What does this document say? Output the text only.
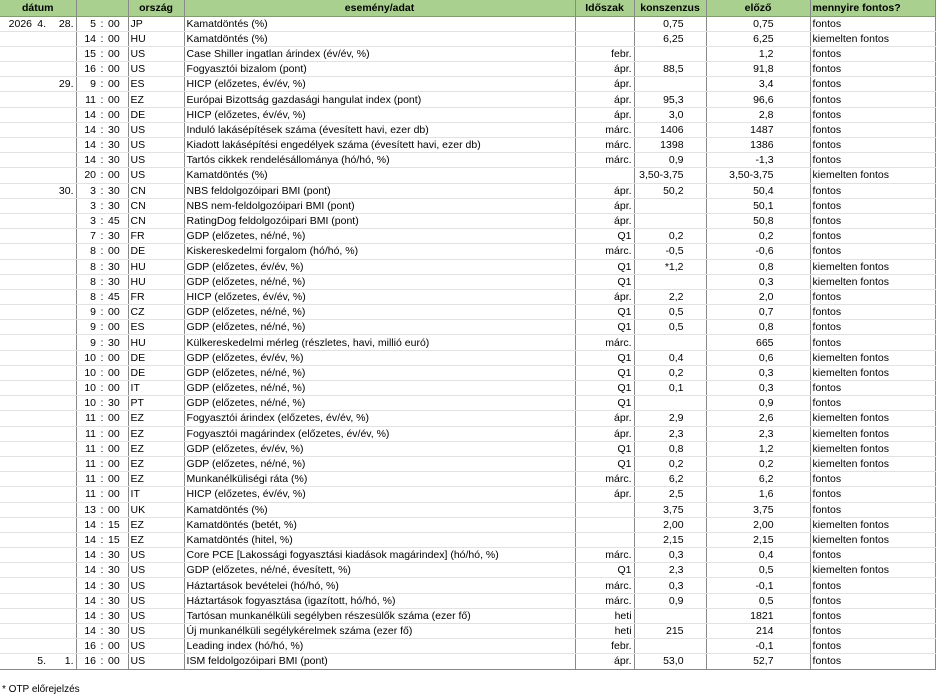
dátum						ország	esemény/adat	Időszak	konszenzus	előző	mennyire fontos?
2026	4.	28.	5	:	00	JP	Kamatdöntés (%)		0,75	0,75	fontos
			14	:	00	HU	Kamatdöntés (%)		6,25	6,25	kiemelten fontos
			15	:	00	US	Case Shiller ingatlan árindex (év/év, %)	febr.		1,2	fontos
			16	:	00	US	Fogyasztói bizalom (pont)	ápr.	88,5	91,8	fontos
		29.	9	:	00	ES	HICP (előzetes, év/év, %)	ápr.		3,4	fontos
			11	:	00	EZ	Európai Bizottság gazdasági hangulat index (pont)	ápr.	95,3	96,6	fontos
			14	:	00	DE	HICP (előzetes, év/év, %)	ápr.	3,0	2,8	fontos
			14	:	30	US	Induló lakásépítések száma (évesített havi, ezer db)	márc.	1406	1487	fontos
			14	:	30	US	Kiadott lakásépítési engedélyek száma (évesített havi, ezer db)	márc.	1398	1386	fontos
			14	:	30	US	Tartós cikkek rendelésállománya (hó/hó, %)	márc.	0,9	-1,3	fontos
			20	:	00	US	Kamatdöntés (%)		3,50-3,75	3,50-3,75	kiemelten fontos
		30.	3	:	30	CN	NBS feldolgozóipari BMI (pont)	ápr.	50,2	50,4	fontos
			3	:	30	CN	NBS nem-feldolgozóipari BMI (pont)	ápr.		50,1	fontos
			3	:	45	CN	RatingDog feldolgozóipari BMI (pont)	ápr.		50,8	fontos
			7	:	30	FR	GDP (előzetes, né/né, %)	Q1	0,2	0,2	fontos
			8	:	00	DE	Kiskereskedelmi forgalom (hó/hó, %)	márc.	-0,5	-0,6	fontos
			8	:	30	HU	GDP (előzetes, év/év, %)	Q1	*1,2	0,8	kiemelten fontos
			8	:	30	HU	GDP (előzetes, né/né, %)	Q1		0,3	kiemelten fontos
			8	:	45	FR	HICP (előzetes, év/év, %)	ápr.	2,2	2,0	fontos
			9	:	00	CZ	GDP (előzetes, né/né, %)	Q1	0,5	0,7	fontos
			9	:	00	ES	GDP (előzetes, né/né, %)	Q1	0,5	0,8	fontos
			9	:	30	HU	Külkereskedelmi mérleg (részletes, havi, millió euró)	márc.		665	fontos
			10	:	00	DE	GDP (előzetes, év/év, %)	Q1	0,4	0,6	kiemelten fontos
			10	:	00	DE	GDP (előzetes, né/né, %)	Q1	0,2	0,3	kiemelten fontos
			10	:	00	IT	GDP (előzetes, né/né, %)	Q1	0,1	0,3	fontos
			10	:	30	PT	GDP (előzetes, né/né, %)	Q1		0,9	fontos
			11	:	00	EZ	Fogyasztói árindex (előzetes, év/év, %)	ápr.	2,9	2,6	kiemelten fontos
			11	:	00	EZ	Fogyasztói magárindex (előzetes, év/év, %)	ápr.	2,3	2,3	kiemelten fontos
			11	:	00	EZ	GDP (előzetes, év/év, %)	Q1	0,8	1,2	kiemelten fontos
			11	:	00	EZ	GDP (előzetes, né/né, %)	Q1	0,2	0,2	kiemelten fontos
			11	:	00	EZ	Munkanélküliségi ráta (%)	márc.	6,2	6,2	fontos
			11	:	00	IT	HICP (előzetes, év/év, %)	ápr.	2,5	1,6	fontos
			13	:	00	UK	Kamatdöntés (%)		3,75	3,75	fontos
			14	:	15	EZ	Kamatdöntés (betét, %)		2,00	2,00	kiemelten fontos
			14	:	15	EZ	Kamatdöntés (hitel, %)		2,15	2,15	kiemelten fontos
			14	:	30	US	Core PCE [Lakossági fogyasztási kiadások magárindex] (hó/hó, %)	márc.	0,3	0,4	fontos
			14	:	30	US	GDP (előzetes, né/né, évesített, %)	Q1	2,3	0,5	kiemelten fontos
			14	:	30	US	Háztartások bevételei (hó/hó, %)	márc.	0,3	-0,1	fontos
			14	:	30	US	Háztartások fogyasztása (igazított, hó/hó, %)	márc.	0,9	0,5	fontos
			14	:	30	US	Tartósan munkanélküli segélyben részesülők száma (ezer fő)	heti		1821	fontos
			14	:	30	US	Új munkanélküli segélykérelmek száma (ezer fő)	heti	215	214	fontos
			16	:	00	US	Leading index (hó/hó, %)	febr.		-0,1	fontos
	5.	1.	16	:	00	US	ISM feldolgozóipari BMI (pont)	ápr.	53,0	52,7	fontos
* OTP előrejelzés
